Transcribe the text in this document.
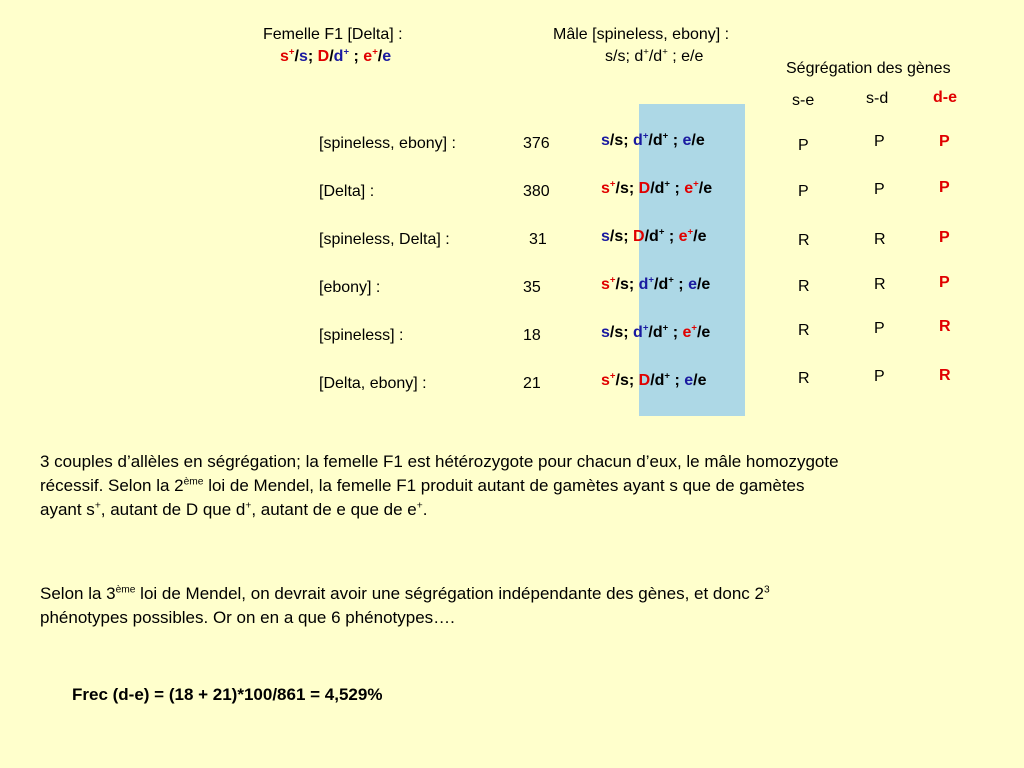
Femelle F1 [Delta] :
s+/s; D/d+ ; e+/e
Mâle [spineless, ebony] :
s/s; d+/d+ ; e/e
Ségrégation des gènes
s-e	s-d	d-e
[spineless, ebony] :	376	s/s; d+/d+ ; e/e	P	P	P
[Delta] :	380	s+/s; D/d+ ; e+/e	P	P	P
[spineless, Delta] :	31	s/s; D/d+ ; e+/e	R	R	P
[ebony] :	35	s+/s; d+/d+ ; e/e	R	R	P
[spineless] :	18	s/s; d+/d+ ; e+/e	R	P	R
[Delta, ebony] :	21	s+/s; D/d+ ; e/e	R	P	R
3 couples d’allèles en ségrégation; la femelle F1 est hétérozygote pour chacun d’eux, le mâle homozygote
récessif. Selon la 2ème loi de Mendel, la femelle F1 produit autant de gamètes ayant s que de gamètes
ayant s+, autant de D que d+, autant de e que de e+.
Selon la 3ème loi de Mendel, on devrait avoir une ségrégation indépendante des gènes, et donc $2^3$
phénotypes possibles. Or on en a que 6 phénotypes….
Frec (d-e) = (18 + 21)*100/861 = 4,529%
